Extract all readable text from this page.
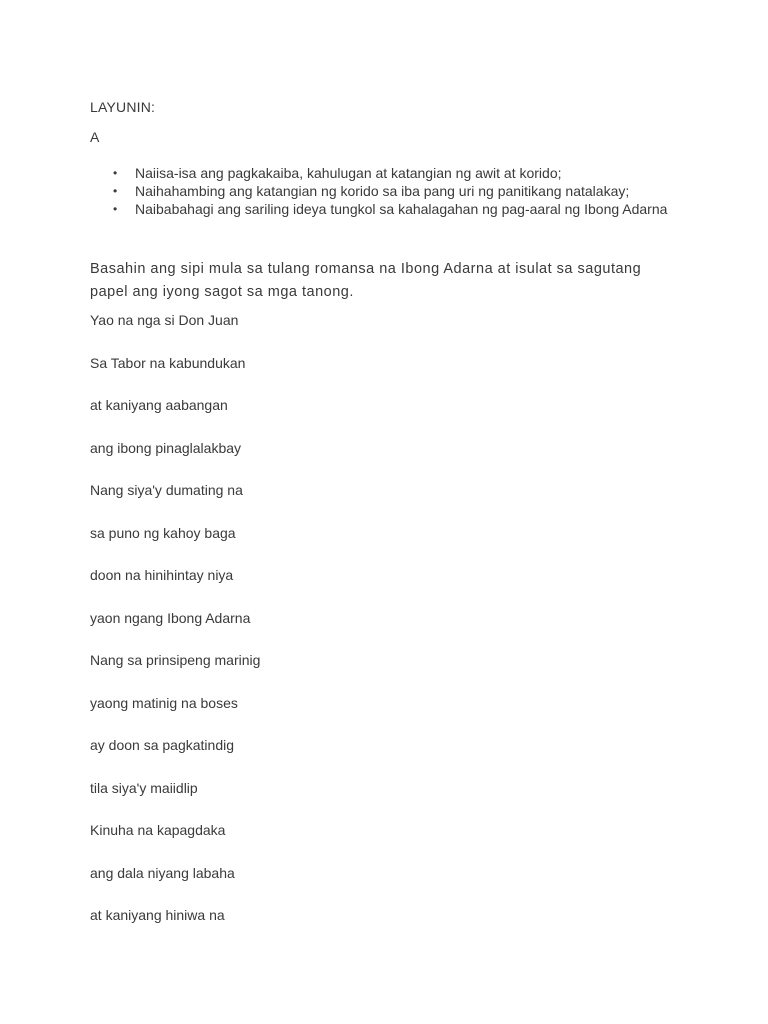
LAYUNIN:
A
• Naiisa-isa ang pagkakaiba, kahulugan at katangian ng awit at korido;
• Naihahambing ang katangian ng korido sa iba pang uri ng panitikang natalakay;
• Naibabahagi ang sariling ideya tungkol sa kahalagahan ng pag-aaral ng Ibong Adarna
Basahin ang sipi mula sa tulang romansa na Ibong Adarna at isulat sa sagutang papel ang iyong sagot sa mga tanong.
Yao na nga si Don Juan
Sa Tabor na kabundukan
at kaniyang aabangan
ang ibong pinaglalakbay
Nang siya'y dumating na
sa puno ng kahoy baga
doon na hinihintay niya
yaon ngang Ibong Adarna
Nang sa prinsipeng marinig
yaong matinig na boses
ay doon sa pagkatindig
tila siya'y maiidlip
Kinuha na kapagdaka
ang dala niyang labaha
at kaniyang hiniwa na
